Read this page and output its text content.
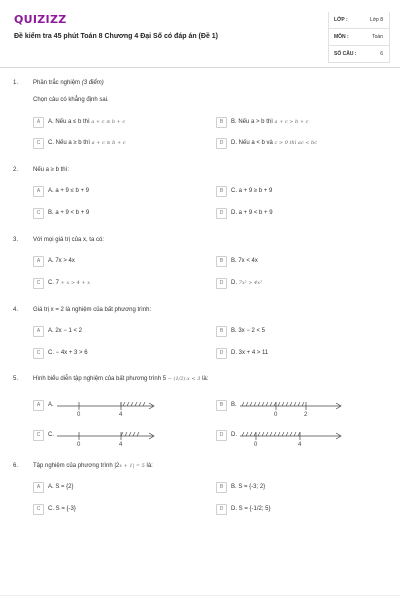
QUIZIZZ
Đề kiểm tra 45 phút Toán 8 Chương 4 Đại Số có đáp án (Đề 1)
LỚP :	Lớp 8
MÔN :	Toán
SỐ CÂU :	6
1. Phần trắc nghiệm (3 điểm)
Chọn câu có khẳng định sai.
A	A. Nếu a ≤ b thì a + c ≤ b + c	B	B. Nếu a > b thì a + c > b + c
C	C. Nếu a ≥ b thì a + c ≥ b + c	D	D. Nếu a < b và c > 0 thì ac < bc
2. Nếu a ≥ b thì:
A	A. a + 9 ≤ b + 9	B	C. a + 9 ≥ b + 9
C	B. a + 9 < b + 9	D	D. a + 9 < b + 9
3. Với mọi giá trị của x, ta có:
A	A. 7x > 4x	B	B. 7x < 4x
C	C. 7 + x > 4 + x	D	D. 7x² > 4x²
4. Giá trị x = 2 là nghiệm của bất phương trình:
A	A. 2x − 1 < 2	B	B. 3x − 2 < 5
C	C. − 4x + 3 > 6	D	D. 3x + 4 > 11
5. Hình biểu diễn tập nghiệm của bất phương trình 5 − (1/2).x < 3 là:
A	A.
0	4
B	B.
0	2
C	C.
0	4
D	D.
0	4
6. Tập nghiệm của phương trình |2x + 1| = 5 là:
A	A. S = {2}	B	B. S = {-3; 2}
C	C. S = {-3}	D	D. S = {-1/2; 5}
